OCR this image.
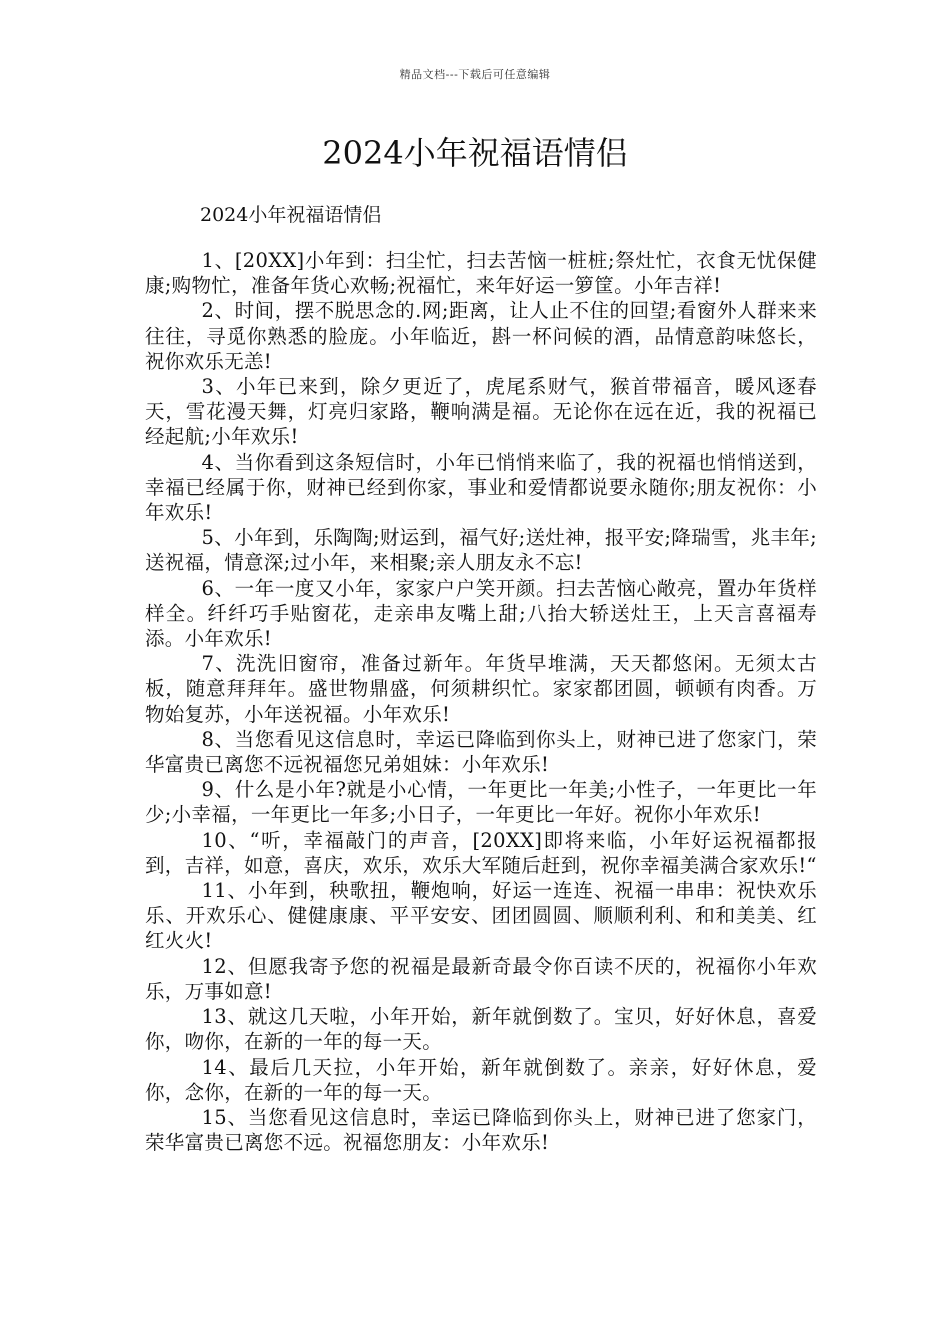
精品文档---下载后可任意编辑
2024小年祝福语情侣
2024小年祝福语情侣

1、[20XX]小年到：扫尘忙，扫去苦恼一桩桩;祭灶忙，衣食无忧保健康;购物忙，准备年货心欢畅;祝福忙，来年好运一箩筐。小年吉祥!

2、时间，摆不脱思念的.网;距离，让人止不住的回望;看窗外人群来来往往，寻觅你熟悉的脸庞。小年临近，斟一杯问候的酒，品情意韵味悠长，祝你欢乐无恙!

3、小年已来到，除夕更近了，虎尾系财气，猴首带福音，暖风逐春天，雪花漫天舞，灯亮归家路，鞭响满是福。无论你在远在近，我的祝福已经起航;小年欢乐!

4、当你看到这条短信时，小年已悄悄来临了，我的祝福也悄悄送到，幸福已经属于你，财神已经到你家，事业和爱情都说要永随你;朋友祝你：小年欢乐!

5、小年到，乐陶陶;财运到，福气好;送灶神，报平安;降瑞雪，兆丰年;送祝福，情意深;过小年，来相聚;亲人朋友永不忘!

6、一年一度又小年，家家户户笑开颜。扫去苦恼心敞亮，置办年货样样全。纤纤巧手贴窗花，走亲串友嘴上甜;八抬大轿送灶王，上天言喜福寿添。小年欢乐!

7、洗洗旧窗帘，准备过新年。年货早堆满，天天都悠闲。无须太古板，随意拜拜年。盛世物鼎盛，何须耕织忙。家家都团圆，顿顿有肉香。万物始复苏，小年送祝福。小年欢乐!

8、当您看见这信息时，幸运已降临到你头上，财神已进了您家门，荣华富贵已离您不远祝福您兄弟姐妹：小年欢乐!

9、什么是小年?就是小心情，一年更比一年美;小性子，一年更比一年少;小幸福，一年更比一年多;小日子，一年更比一年好。祝你小年欢乐!

10、“听，幸福敲门的声音，[20XX]即将来临，小年好运祝福都报到，吉祥，如意，喜庆，欢乐，欢乐大军随后赶到，祝你幸福美满合家欢乐!“

11、小年到，秧歌扭，鞭炮响，好运一连连、祝福一串串：祝快欢乐乐、开欢乐心、健健康康、平平安安、团团圆圆、顺顺利利、和和美美、红红火火!

12、但愿我寄予您的祝福是最新奇最令你百读不厌的，祝福你小年欢乐，万事如意!

13、就这几天啦，小年开始，新年就倒数了。宝贝，好好休息，喜爱你，吻你，在新的一年的每一天。

14、最后几天拉，小年开始，新年就倒数了。亲亲，好好休息，爱你，念你，在新的一年的每一天。

15、当您看见这信息时，幸运已降临到你头上，财神已进了您家门，荣华富贵已离您不远。祝福您朋友：小年欢乐!
